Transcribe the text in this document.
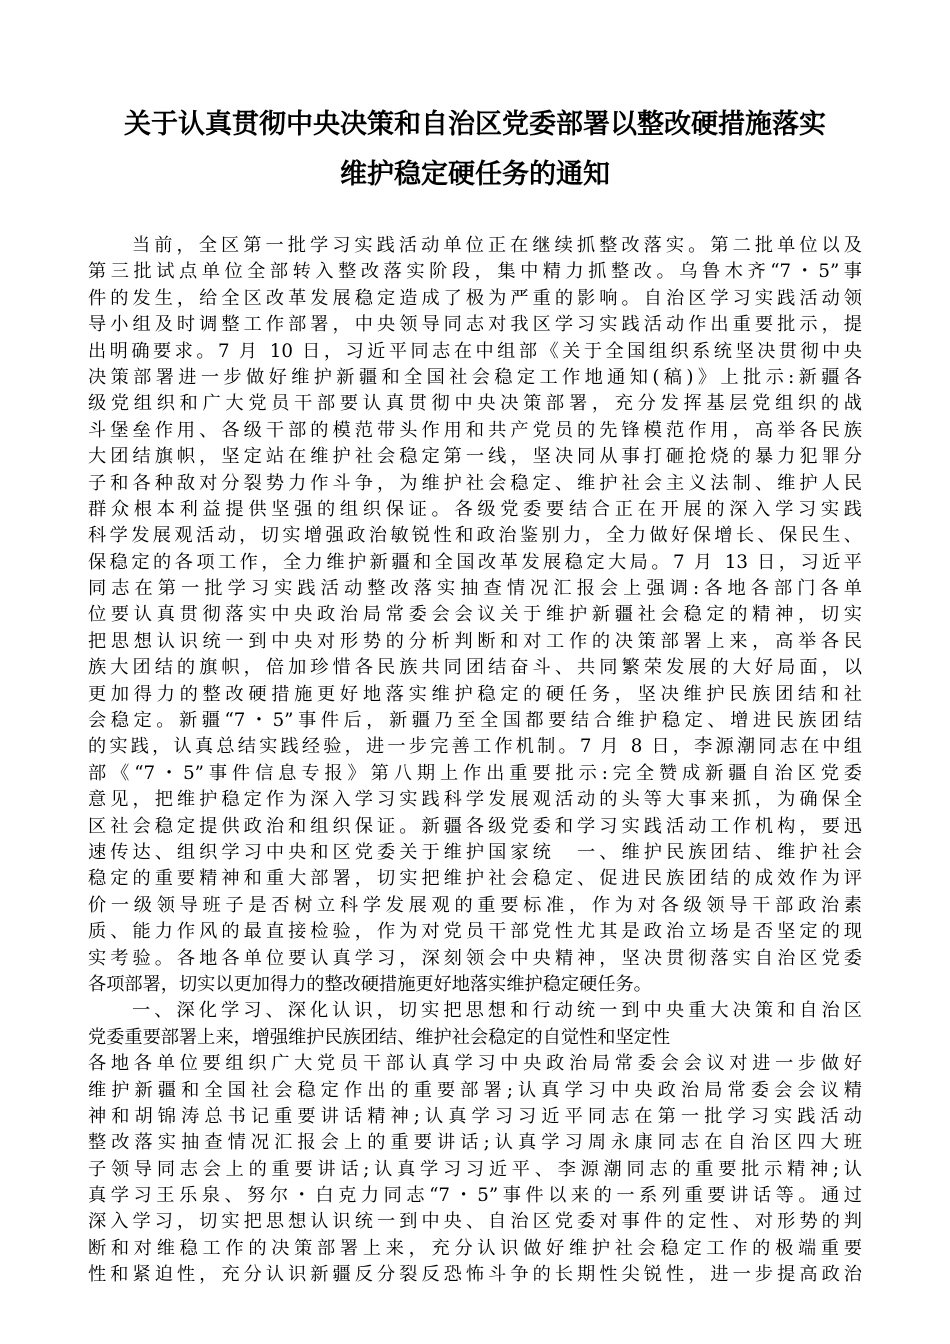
关于认真贯彻中央决策和自治区党委部署以整改硬措施落实
维护稳定硬任务的通知
当前，全区第一批学习实践活动单位正在继续抓整改落实。第二批单位以及
第三批试点单位全部转入整改落实阶段，集中精力抓整改。乌鲁木齐“7・5”事
件的发生，给全区改革发展稳定造成了极为严重的影响。自治区学习实践活动领
导小组及时调整工作部署，中央领导同志对我区学习实践活动作出重要批示，提
出明确要求。7 月 10 日，习近平同志在中组部《关于全国组织系统坚决贯彻中央
决策部署进一步做好维护新疆和全国社会稳定工作地通知(稿)》上批示:新疆各
级党组织和广大党员干部要认真贯彻中央决策部署，充分发挥基层党组织的战
斗堡垒作用、各级干部的模范带头作用和共产党员的先锋模范作用，高举各民族
大团结旗帜，坚定站在维护社会稳定第一线，坚决同从事打砸抢烧的暴力犯罪分
子和各种敌对分裂势力作斗争，为维护社会稳定、维护社会主义法制、维护人民
群众根本利益提供坚强的组织保证。各级党委要结合正在开展的深入学习实践
科学发展观活动，切实增强政治敏锐性和政治鉴别力，全力做好保增长、保民生、
保稳定的各项工作，全力维护新疆和全国改革发展稳定大局。7 月 13 日，习近平
同志在第一批学习实践活动整改落实抽查情况汇报会上强调:各地各部门各单
位要认真贯彻落实中央政治局常委会会议关于维护新疆社会稳定的精神，切实
把思想认识统一到中央对形势的分析判断和对工作的决策部署上来，高举各民
族大团结的旗帜，倍加珍惜各民族共同团结奋斗、共同繁荣发展的大好局面，以
更加得力的整改硬措施更好地落实维护稳定的硬任务，坚决维护民族团结和社
会稳定。新疆“7・5”事件后，新疆乃至全国都要结合维护稳定、增进民族团结
的实践，认真总结实践经验，进一步完善工作机制。7 月 8 日，李源潮同志在中组
部《“7・5”事件信息专报》第八期上作出重要批示:完全赞成新疆自治区党委
意见，把维护稳定作为深入学习实践科学发展观活动的头等大事来抓，为确保全
区社会稳定提供政治和组织保证。新疆各级党委和学习实践活动工作机构，要迅
速传达、组织学习中央和区党委关于维护国家统　一、维护民族团结、维护社会
稳定的重要精神和重大部署，切实把维护社会稳定、促进民族团结的成效作为评
价一级领导班子是否树立科学发展观的重要标准，作为对各级领导干部政治素
质、能力作风的最直接检验，作为对党员干部党性尤其是政治立场是否坚定的现
实考验。各地各单位要认真学习，深刻领会中央精神，坚决贯彻落实自治区党委
各项部署，切实以更加得力的整改硬措施更好地落实维护稳定硬任务。
一、深化学习、深化认识，切实把思想和行动统一到中央重大决策和自治区
党委重要部署上来，增强维护民族团结、维护社会稳定的自觉性和坚定性
各地各单位要组织广大党员干部认真学习中央政治局常委会会议对进一步做好
维护新疆和全国社会稳定作出的重要部署;认真学习中央政治局常委会会议精
神和胡锦涛总书记重要讲话精神;认真学习习近平同志在第一批学习实践活动
整改落实抽查情况汇报会上的重要讲话;认真学习周永康同志在自治区四大班
子领导同志会上的重要讲话;认真学习习近平、李源潮同志的重要批示精神;认
真学习王乐泉、努尔・白克力同志“7・5”事件以来的一系列重要讲话等。通过
深入学习，切实把思想认识统一到中央、自治区党委对事件的定性、对形势的判
断和对维稳工作的决策部署上来，充分认识做好维护社会稳定工作的极端重要
性和紧迫性，充分认识新疆反分裂反恐怖斗争的长期性尖锐性，进一步提高政治
